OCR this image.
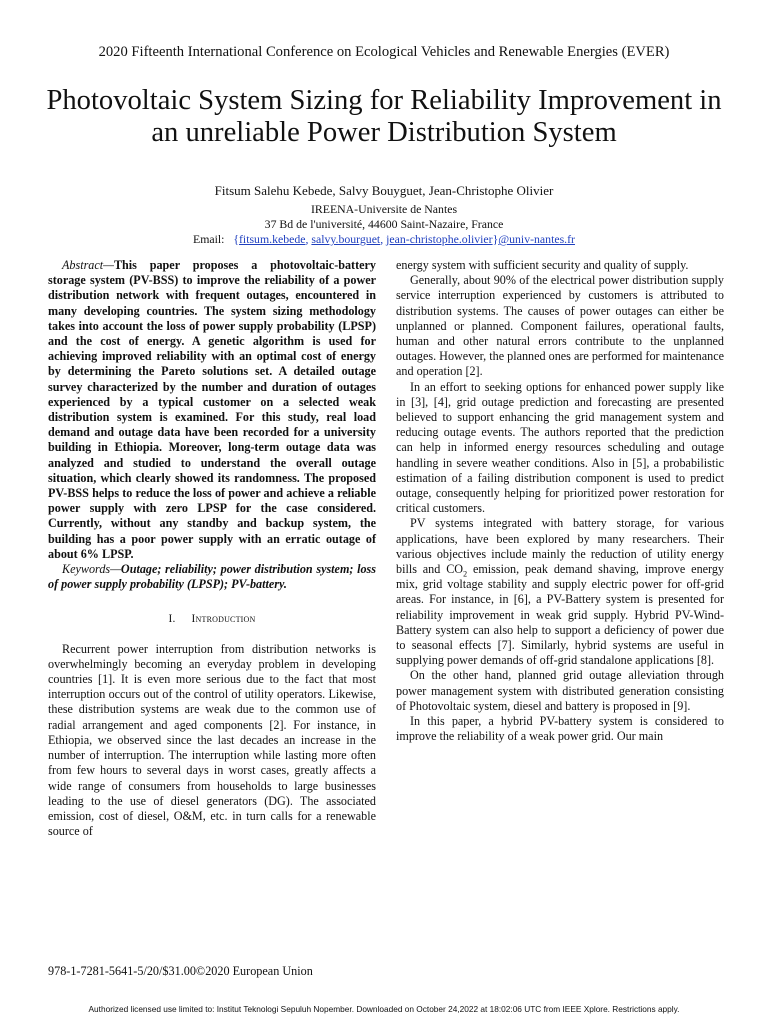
2020 Fifteenth International Conference on Ecological Vehicles and Renewable Energies (EVER)
Photovoltaic System Sizing for Reliability Improvement in an unreliable Power Distribution System
Fitsum Salehu Kebede, Salvy Bouyguet, Jean-Christophe Olivier
IREENA-Universite de Nantes
37 Bd de l'université, 44600 Saint-Nazaire, France
Email: {fitsum.kebede, salvy.bourguet, jean-christophe.olivier}@univ-nantes.fr

Abstract—This paper proposes a photovoltaic-battery storage system (PV-BSS) to improve the reliability of a power distribution network with frequent outages, encountered in many developing countries. The system sizing methodology takes into account the loss of power supply probability (LPSP) and the cost of energy. A genetic algorithm is used for achieving improved reliability with an optimal cost of energy by determining the Pareto solutions set. A detailed outage survey characterized by the number and duration of outages experienced by a typical customer on a selected weak distribution system is examined. For this study, real load demand and outage data have been recorded for a university building in Ethiopia. Moreover, long-term outage data was analyzed and studied to understand the overall outage situation, which clearly showed its randomness. The proposed PV-BSS helps to reduce the loss of power and achieve a reliable power supply with zero LPSP for the case considered. Currently, without any standby and backup system, the building has a poor power supply with an erratic outage of about 6% LPSP.

Keywords—Outage; reliability; power distribution system; loss of power supply probability (LPSP); PV-battery.

I. Introduction

Recurrent power interruption from distribution networks is overwhelmingly becoming an everyday problem in developing countries [1]. It is even more serious due to the fact that most interruption occurs out of the control of utility operators. Likewise, these distribution systems are weak due to the common use of radial arrangement and aged components [2]. For instance, in Ethiopia, we observed since the last decades an increase in the number of interruption. The interruption while lasting more often from few hours to several days in worst cases, greatly affects a wide range of consumers from households to large businesses leading to the use of diesel generators (DG). The associated emission, cost of diesel, O&M, etc. in turn calls for a renewable source of

energy system with sufficient security and quality of supply.

Generally, about 90% of the electrical power distribution supply service interruption experienced by customers is attributed to distribution systems. The causes of power outages can either be unplanned or planned. Component failures, operational faults, human and other natural errors contribute to the unplanned outages. However, the planned ones are performed for maintenance and operation [2].

In an effort to seeking options for enhanced power supply like in [3], [4], grid outage prediction and forecasting are presented believed to support enhancing the grid management system and reducing outage events. The authors reported that the prediction can help in informed energy resources scheduling and outage handling in severe weather conditions. Also in [5], a probabilistic estimation of a failing distribution component is used to predict outage, consequently helping for prioritized power restoration for critical customers.

PV systems integrated with battery storage, for various applications, have been explored by many researchers. Their various objectives include mainly the reduction of utility energy bills and $CO_2$ emission, peak demand shaving, improve energy mix, grid voltage stability and supply electric power for off-grid areas. For instance, in [6], a PV-Battery system is presented for reliability improvement in weak grid supply. Hybrid PV-Wind-Battery system can also help to support a deficiency of power due to seasonal effects [7]. Similarly, hybrid systems are useful in supplying power demands of off-grid standalone applications [8].

On the other hand, planned grid outage alleviation through power management system with distributed generation consisting of Photovoltaic system, diesel and battery is proposed in [9].

In this paper, a hybrid PV-battery system is considered to improve the reliability of a weak power grid. Our main

978-1-7281-5641-5/20/$31.00©2020 European Union
Authorized licensed use limited to: Institut Teknologi Sepuluh Nopember. Downloaded on October 24,2022 at 18:02:06 UTC from IEEE Xplore. Restrictions apply.
